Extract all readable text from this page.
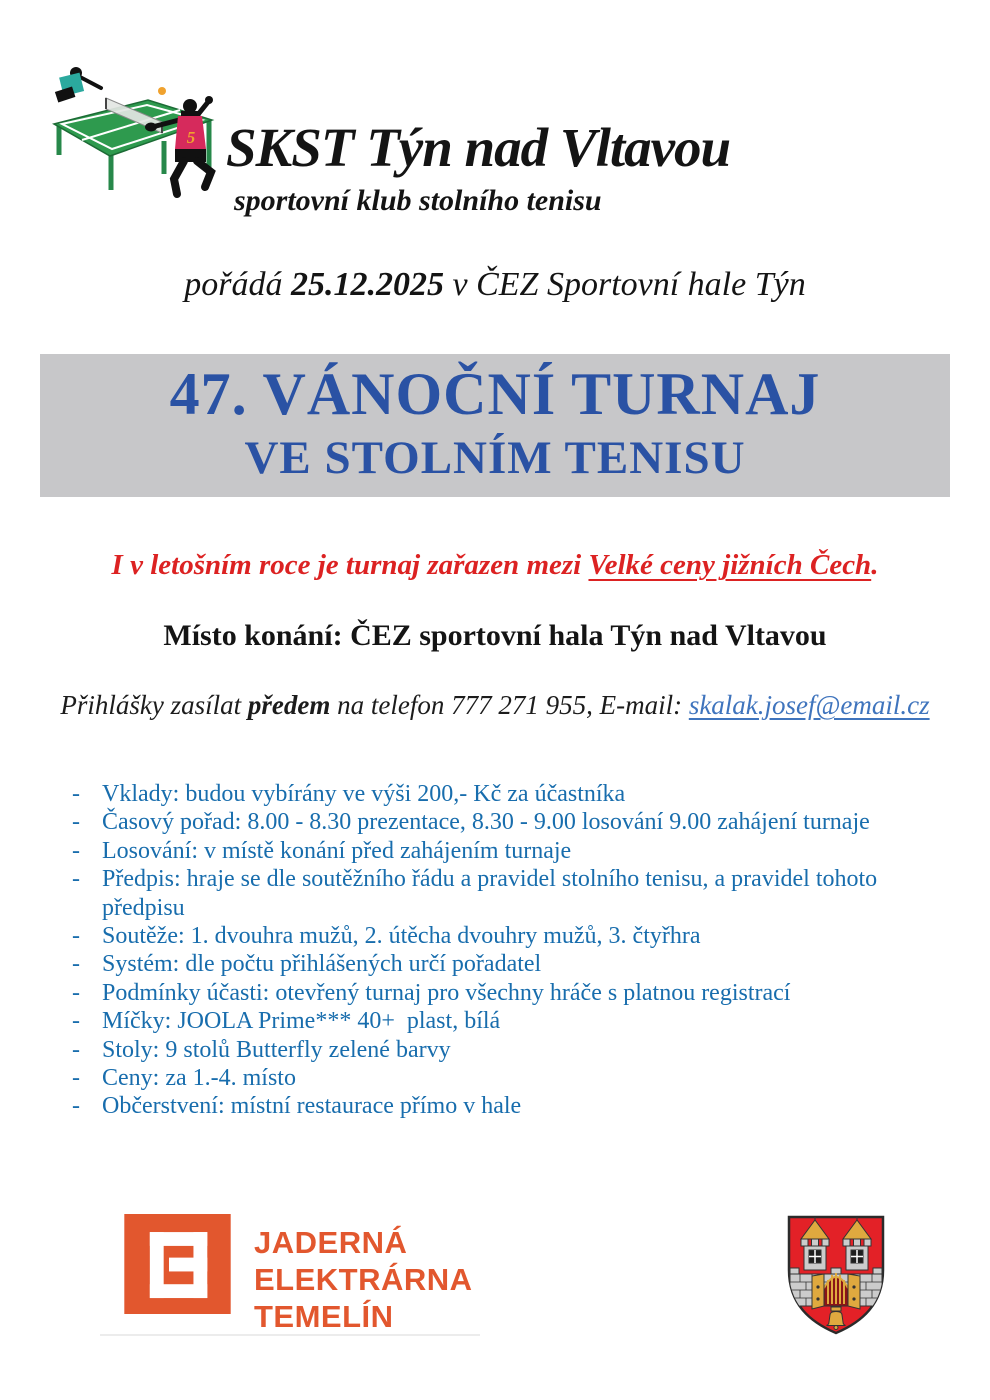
5 SKST Týn nad Vltavou
sportovní klub stolního tenisu
pořádá 25.12.2025 v ČEZ Sportovní hale Týn
47. VÁNOČNÍ TURNAJ
VE STOLNÍM TENISU
I v letošním roce je turnaj zařazen mezi Velké ceny jižních Čech.
Místo konání: ČEZ sportovní hala Týn nad Vltavou
Přihlášky zasílat předem na telefon 777 271 955, E-mail: skalak.josef@email.cz
- Vklady: budou vybírány ve výši 200,- Kč za účastníka
- Časový pořad: 8.00 - 8.30 prezentace, 8.30 - 9.00 losování 9.00 zahájení turnaje
- Losování: v místě konání před zahájením turnaje
- Předpis: hraje se dle soutěžního řádu a pravidel stolního tenisu, a pravidel tohoto předpisu
- Soutěže: 1. dvouhra mužů, 2. útěcha dvouhry mužů, 3. čtyřhra
- Systém: dle počtu přihlášených určí pořadatel
- Podmínky účasti: otevřený turnaj pro všechny hráče s platnou registrací
- Míčky: JOOLA Prime*** 40+  plast, bílá
- Stoly: 9 stolů Butterfly zelené barvy
- Ceny: za 1.-4. místo
- Občerstvení: místní restaurace přímo v hale
JADERNÁ
ELEKTRÁRNA
TEMELÍN
